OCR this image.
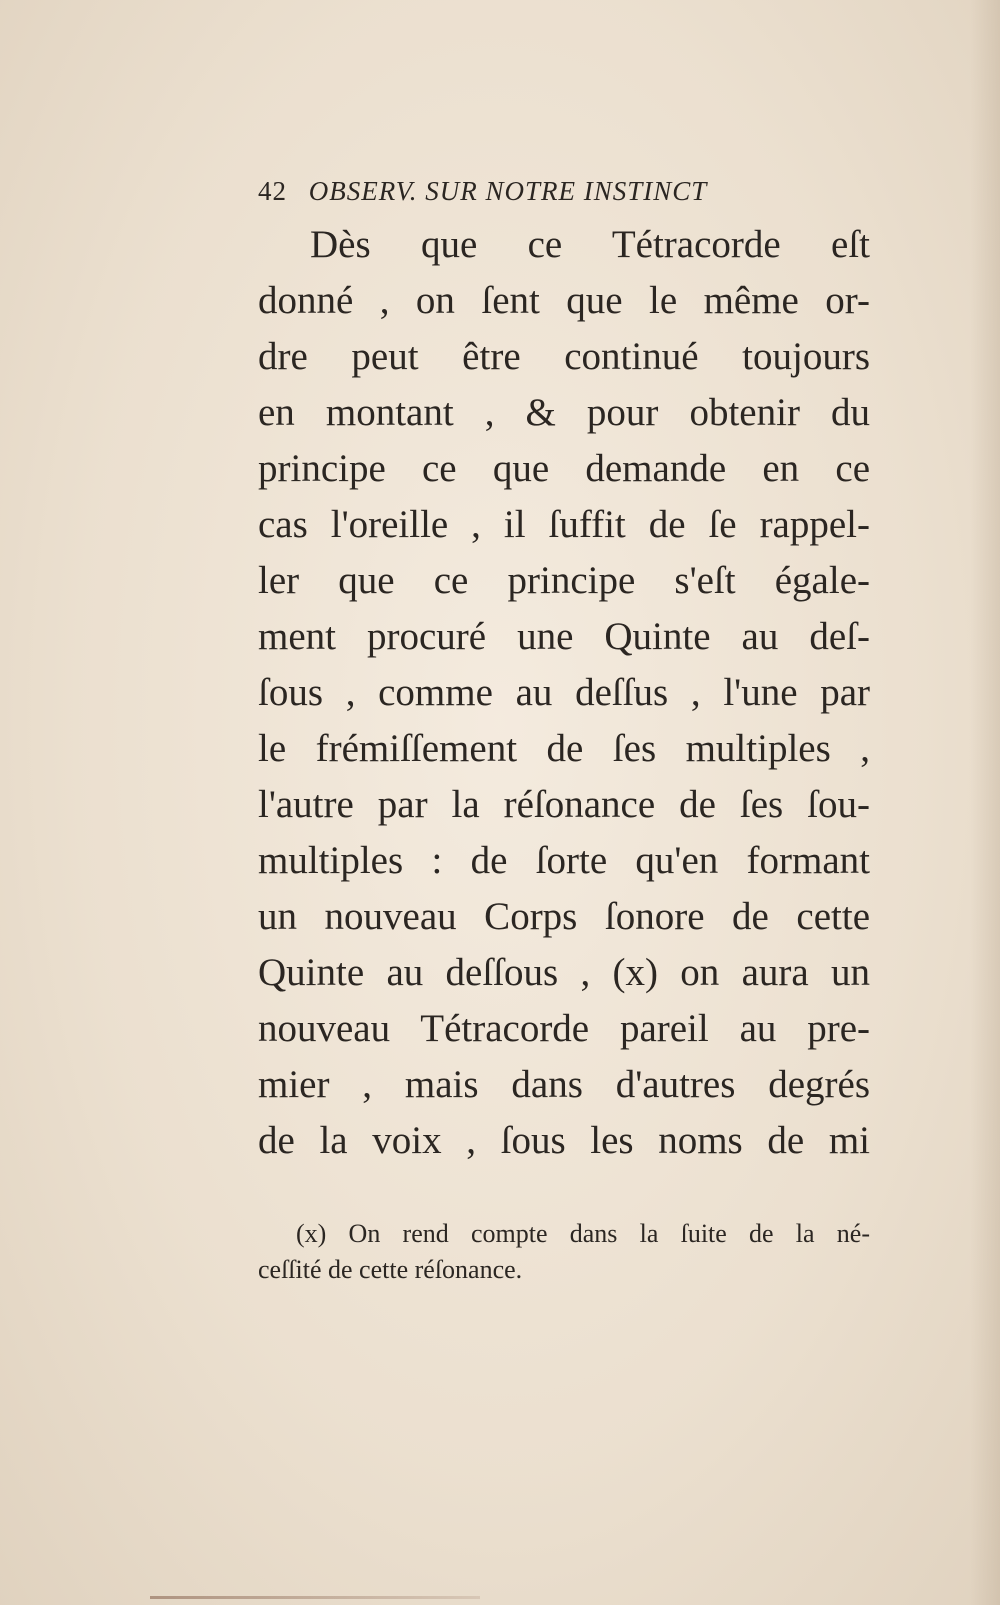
42 OBSERV. SUR NOTRE INSTINCT
Dès que ce Tétracorde eſt
donné , on ſent que le même or-
dre peut être continué toujours
en montant , & pour obtenir du
principe ce que demande en ce
cas l'oreille , il ſuffit de ſe rappel-
ler que ce principe s'eſt égale-
ment procuré une Quinte au deſ-
ſous , comme au deſſus , l'une par
le frémiſſement de ſes multiples ,
l'autre par la réſonance de ſes ſou-
multiples : de ſorte qu'en formant
un nouveau Corps ſonore de cette
Quinte au deſſous , (x) on aura un
nouveau Tétracorde pareil au pre-
mier , mais dans d'autres degrés
de la voix , ſous les noms de mi
(x) On rend compte dans la ſuite de la né-
ceſſité de cette réſonance.
